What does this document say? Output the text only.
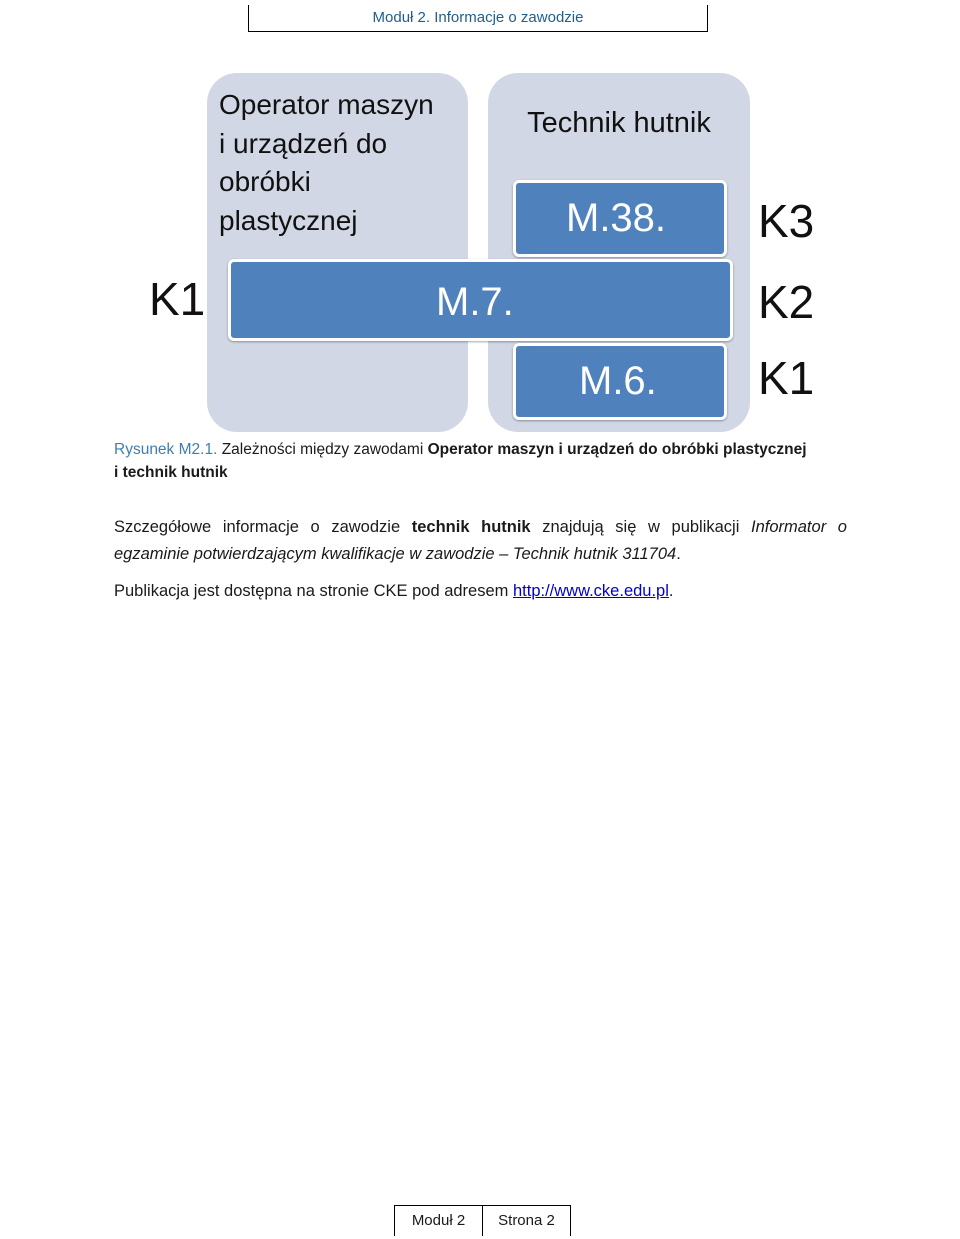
Moduł 2. Informacje o zawodzie
Operator maszyn
i urządzeń do
obróbki
plastycznej
Technik hutnik
M.38.
M.7.
M.6.
K1
K3
K2
K1
Rysunek M2.1. Zależności między zawodami Operator maszyn i urządzeń do obróbki plastycznej
i technik hutnik
Szczegółowe informacje o zawodzie technik hutnik znajdują się w publikacji Informator o egzaminie potwierdzającym kwalifikacje w zawodzie – Technik hutnik 311704.
Publikacja jest dostępna na stronie CKE pod adresem http://www.cke.edu.pl.
Moduł 2	Strona 2
